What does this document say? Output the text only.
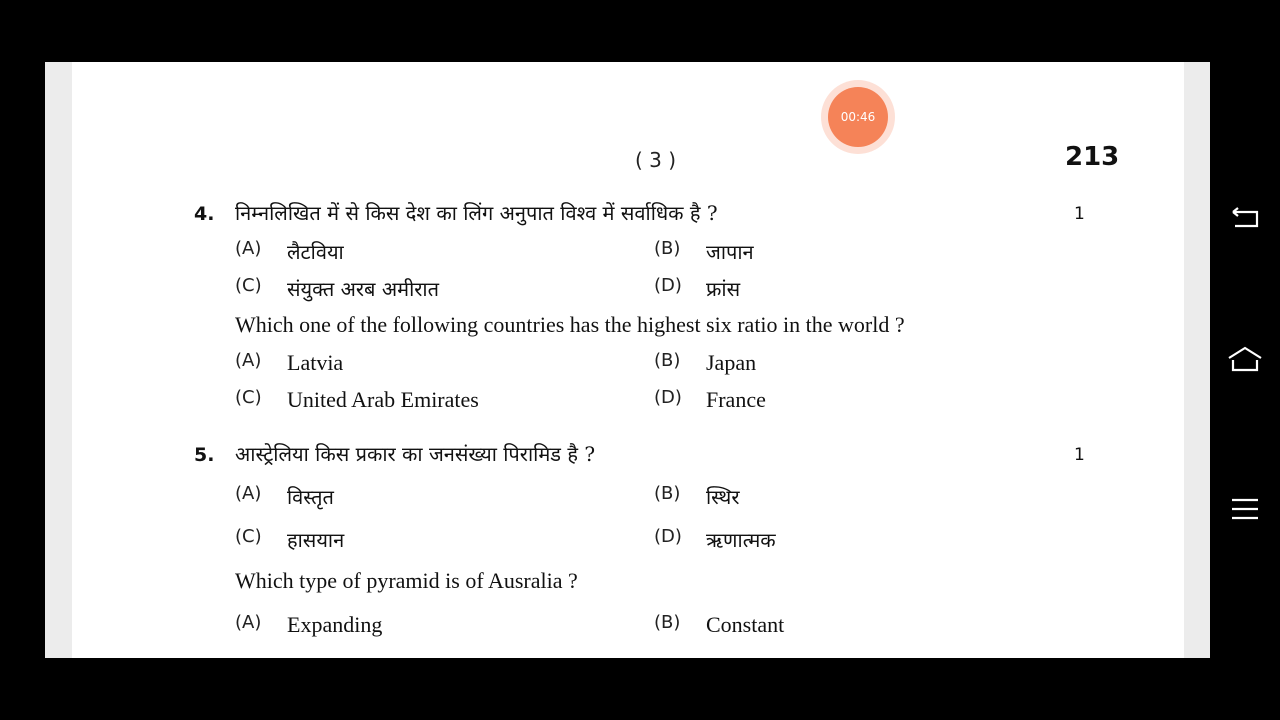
( 3 )	213
4. निम्नलिखित में से किस देश का लिंग अनुपात विश्व में सर्वाधिक है ?	1
(A)	लैटविया	(B)	जापान
(C)	संयुक्त अरब अमीरात	(D)	फ्रांस
Which one of the following countries has the highest six ratio in the world ?
(A)	Latvia	(B)	Japan
(C)	United Arab Emirates	(D)	France
5. आस्ट्रेलिया किस प्रकार का जनसंख्या पिरामिड है ?	1
(A)	विस्तृत	(B)	स्थिर
(C)	हासयान	(D)	ऋणात्मक
Which type of pyramid is of Ausralia ?
(A)	Expanding	(B)	Constant
00:46
